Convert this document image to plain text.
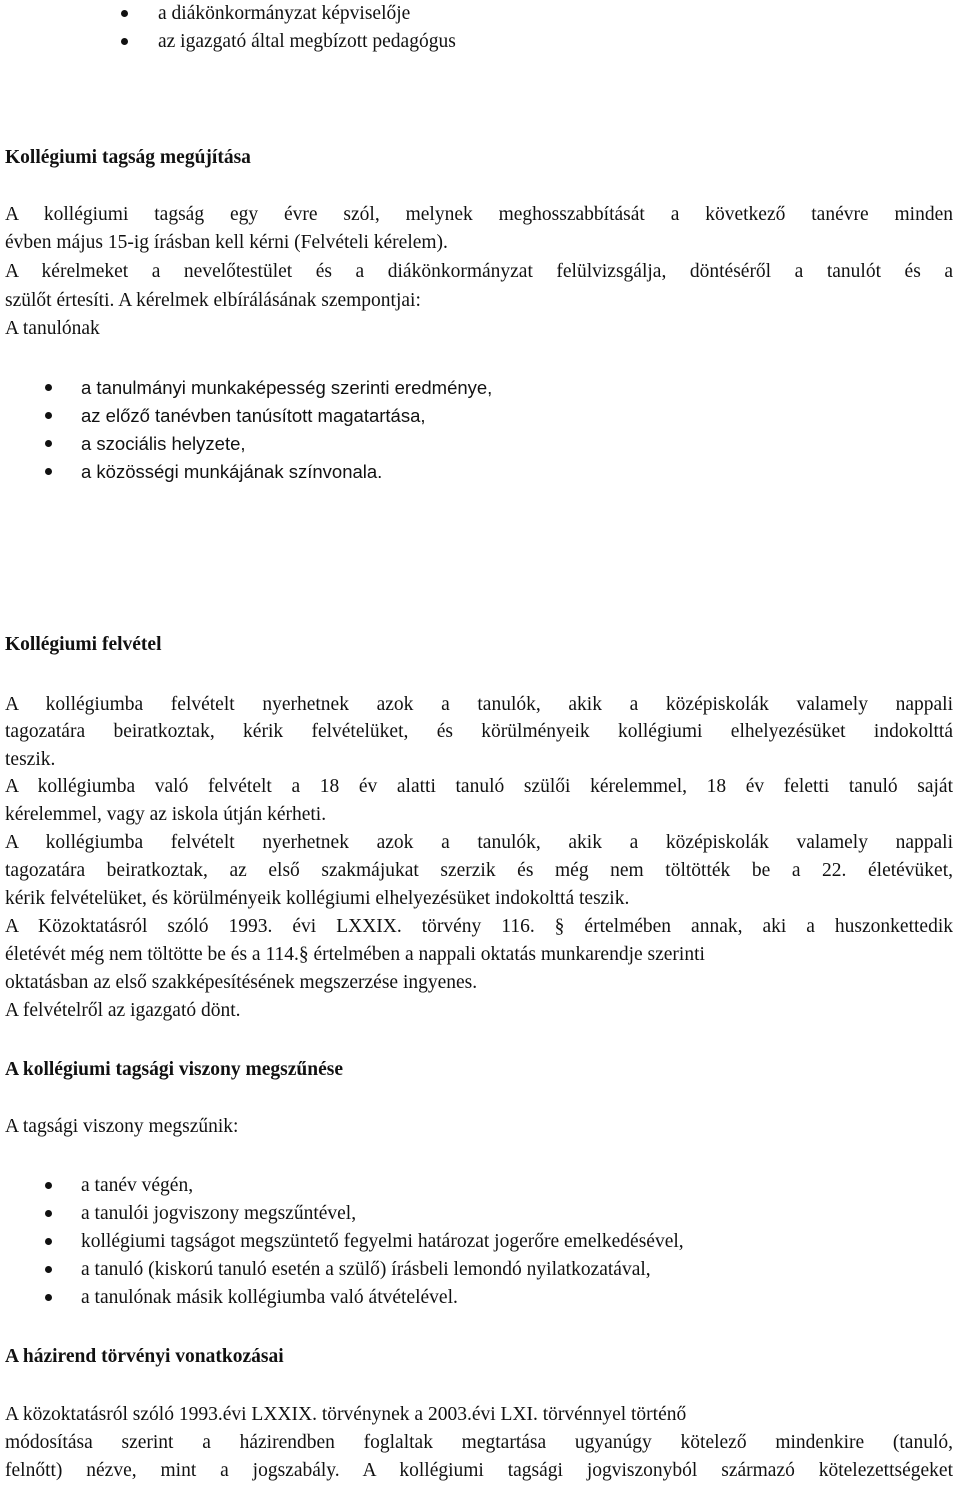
a diákönkormányzat képviselője
az igazgató által megbízott pedagógus
Kollégiumi tagság megújítása
A kollégiumi tagság egy évre szól, melynek meghosszabbítását a következő tanévre minden
évben május 15-ig írásban kell kérni (Felvételi kérelem).
A kérelmeket a nevelőtestület és a diákönkormányzat felülvizsgálja, döntéséről a tanulót és a
szülőt értesíti. A kérelmek elbírálásának szempontjai:
A tanulónak
a tanulmányi munkaképesség szerinti eredménye,
az előző tanévben tanúsított magatartása,
a szociális helyzete,
a közösségi munkájának színvonala.
Kollégiumi felvétel
A kollégiumba felvételt nyerhetnek azok a tanulók, akik a középiskolák valamely nappali
tagozatára beiratkoztak, kérik felvételüket, és körülményeik kollégiumi elhelyezésüket indokolttá
teszik.
A kollégiumba való felvételt a 18 év alatti tanuló szülői kérelemmel, 18 év feletti tanuló saját
kérelemmel, vagy az iskola útján kérheti.
A kollégiumba felvételt nyerhetnek azok a tanulók, akik a középiskolák valamely nappali
tagozatára beiratkoztak, az első szakmájukat szerzik és még nem töltötték be a 22. életévüket,
kérik felvételüket, és körülményeik kollégiumi elhelyezésüket indokolttá teszik.
A Közoktatásról szóló 1993. évi LXXIX. törvény 116. § értelmében annak, aki a huszonkettedik
életévét még nem töltötte be és a 114.§ értelmében a nappali oktatás munkarendje szerinti
oktatásban az első szakképesítésének megszerzése ingyenes.
A felvételről az igazgató dönt.
A kollégiumi tagsági viszony megszűnése
A tagsági viszony megszűnik:
a tanév végén,
a tanulói jogviszony megszűntével,
kollégiumi tagságot megszüntető fegyelmi határozat jogerőre emelkedésével,
a tanuló (kiskorú tanuló esetén a szülő) írásbeli lemondó nyilatkozatával,
a tanulónak másik kollégiumba való átvételével.
A házirend törvényi vonatkozásai
A közoktatásról szóló 1993.évi LXXIX. törvénynek a 2003.évi LXI. törvénnyel történő
módosítása szerint a házirendben foglaltak megtartása ugyanúgy kötelező mindenkire (tanuló,
felnőtt) nézve, mint a jogszabály. A kollégiumi tagsági jogviszonyból származó kötelezettségeket
